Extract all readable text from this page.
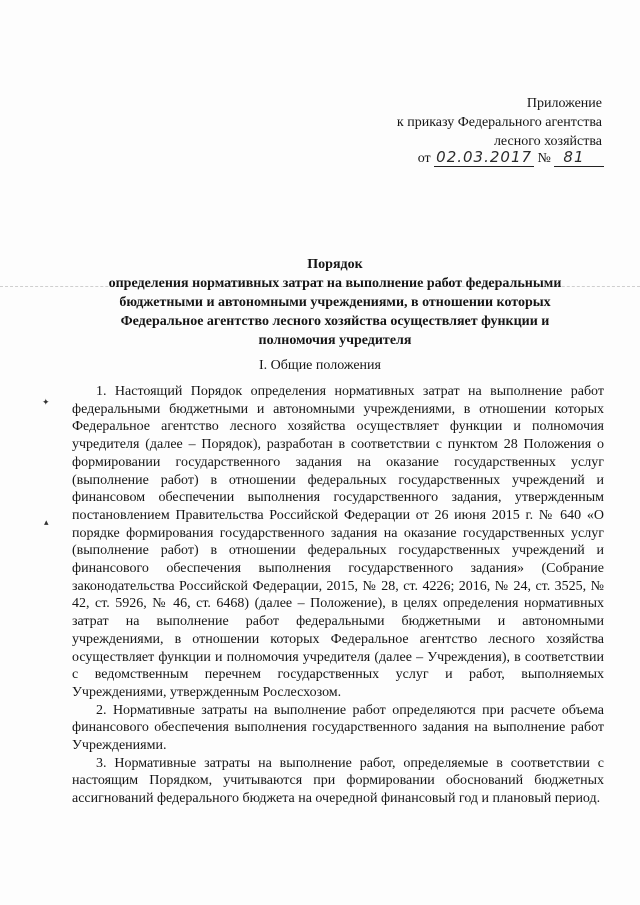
Приложение
к приказу Федерального агентства
лесного хозяйства
от 02.03.2017 № 81
Порядок
определения нормативных затрат на выполнение работ федеральными
бюджетными и автономными учреждениями, в отношении которых
Федеральное агентство лесного хозяйства осуществляет функции и
полномочия учредителя
I. Общие положения
✦
▴

1. Настоящий Порядок определения нормативных затрат на выполнение работ федеральными бюджетными и автономными учреждениями, в отношении которых Федеральное агентство лесного хозяйства осуществляет функции и полномочия учредителя (далее – Порядок), разработан в соответствии с пунктом 28 Положения о формировании государственного задания на оказание государственных услуг (выполнение работ) в отношении федеральных государственных учреждений и финансовом обеспечении выполнения государственного задания, утвержденным постановлением Правительства Российской Федерации от 26 июня 2015 г. № 640 «О порядке формирования государственного задания на оказание государственных услуг (выполнение работ) в отношении федеральных государственных учреждений и финансового обеспечения выполнения государственного задания» (Собрание законодательства Российской Федерации, 2015, № 28, ст. 4226; 2016, № 24, ст. 3525, № 42, ст. 5926, № 46, ст. 6468) (далее – Положение), в целях определения нормативных затрат на выполнение работ федеральными бюджетными и автономными учреждениями, в отношении которых Федеральное агентство лесного хозяйства осуществляет функции и полномочия учредителя (далее – Учреждения), в соответствии с ведомственным перечнем государственных услуг и работ, выполняемых Учреждениями, утвержденным Рослесхозом.

2. Нормативные затраты на выполнение работ определяются при расчете объема финансового обеспечения выполнения государственного задания на выполнение работ Учреждениями.

3. Нормативные затраты на выполнение работ, определяемые в соответствии с настоящим Порядком, учитываются при формировании обоснований бюджетных ассигнований федерального бюджета на очередной финансовый год и плановый период.
